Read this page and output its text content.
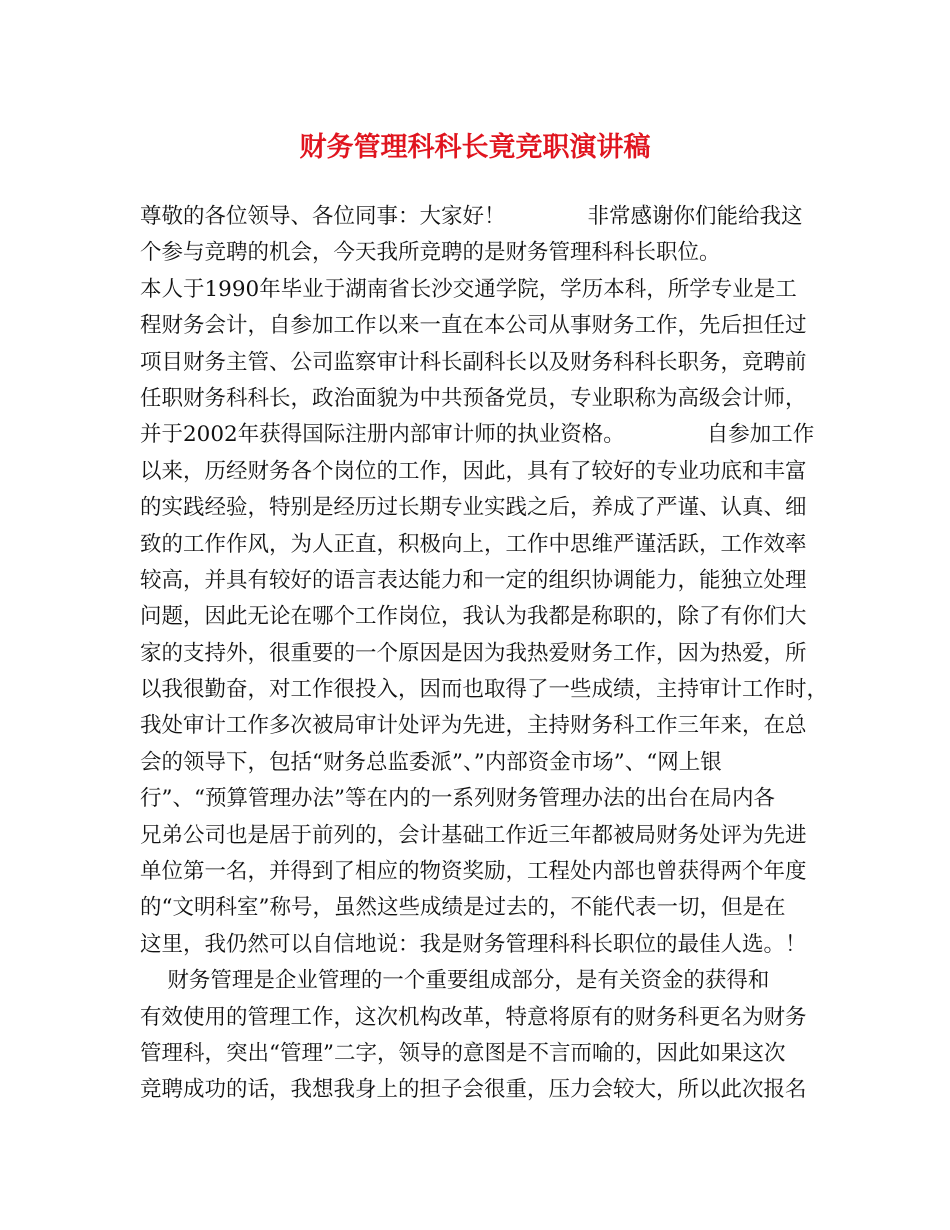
财务管理科科长竟竞职演讲稿
尊敬的各位领导、各位同事：大家好！            非常感谢你们能给我这
个参与竞聘的机会，今天我所竞聘的是财务管理科科长职位。
本人于1990年毕业于湖南省长沙交通学院，学历本科，所学专业是工
程财务会计，自参加工作以来一直在本公司从事财务工作，先后担任过
项目财务主管、公司监察审计科长副科长以及财务科科长职务，竞聘前
任职财务科科长，政治面貌为中共预备党员，专业职称为高级会计师，
并于2002年获得国际注册内部审计师的执业资格。            自参加工作
以来，历经财务各个岗位的工作，因此，具有了较好的专业功底和丰富
的实践经验，特别是经历过长期专业实践之后，养成了严谨、认真、细
致的工作作风，为人正直，积极向上，工作中思维严谨活跃，工作效率
较高，并具有较好的语言表达能力和一定的组织协调能力，能独立处理
问题，因此无论在哪个工作岗位，我认为我都是称职的，除了有你们大
家的支持外，很重要的一个原因是因为我热爱财务工作，因为热爱，所
以我很勤奋，对工作很投入，因而也取得了一些成绩，主持审计工作时，
我处审计工作多次被局审计处评为先进，主持财务科工作三年来，在总
会的领导下，包括“财务总监委派”、”内部资金市场”、“网上银
行”、“预算管理办法”等在内的一系列财务管理办法的出台在局内各
兄弟公司也是居于前列的，会计基础工作近三年都被局财务处评为先进
单位第一名，并得到了相应的物资奖励，工程处内部也曾获得两个年度
的“文明科室”称号，虽然这些成绩是过去的，不能代表一切，但是在
这里，我仍然可以自信地说：我是财务管理科科长职位的最佳人选。！
财务管理是企业管理的一个重要组成部分，是有关资金的获得和
有效使用的管理工作，这次机构改革，特意将原有的财务科更名为财务
管理科，突出“管理”二字，领导的意图是不言而喻的，因此如果这次
竞聘成功的话，我想我身上的担子会很重，压力会较大，所以此次报名
